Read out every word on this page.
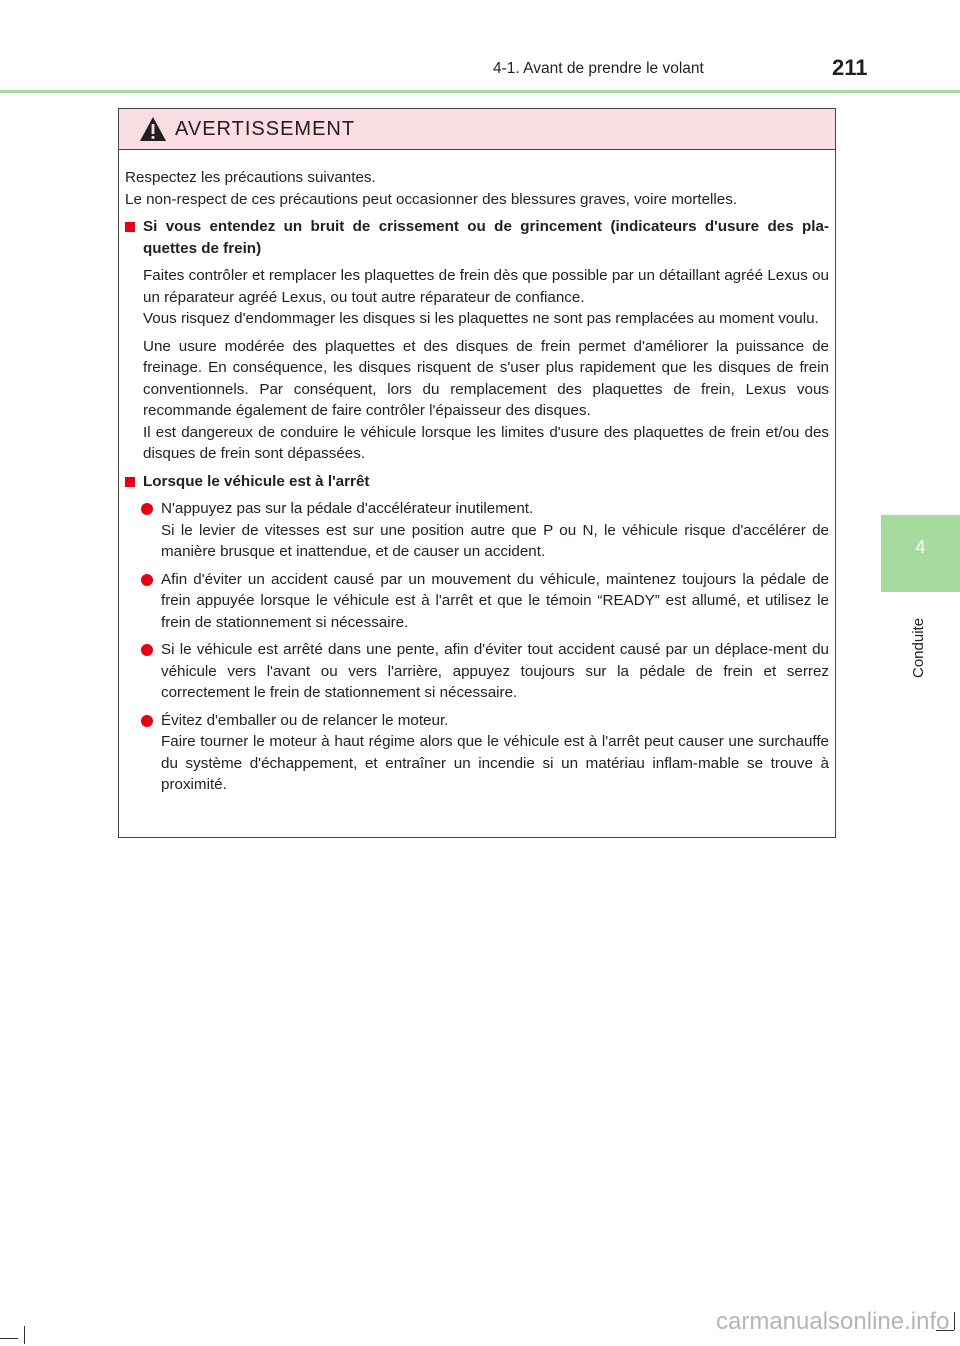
4-1. Avant de prendre le volant	211
4
Conduite
AVERTISSEMENT

Respectez les précautions suivantes.

Le non-respect de ces précautions peut occasionner des blessures graves, voire mortelles.

Si vous entendez un bruit de crissement ou de grincement (indicateurs d'usure des pla-quettes de frein)

Faites contrôler et remplacer les plaquettes de frein dès que possible par un détaillant agréé Lexus ou un réparateur agréé Lexus, ou tout autre réparateur de confiance.

Vous risquez d'endommager les disques si les plaquettes ne sont pas remplacées au moment voulu.

Une usure modérée des plaquettes et des disques de frein permet d'améliorer la puissance de freinage. En conséquence, les disques risquent de s'user plus rapidement que les disques de frein conventionnels. Par conséquent, lors du remplacement des plaquettes de frein, Lexus vous recommande également de faire contrôler l'épaisseur des disques.

Il est dangereux de conduire le véhicule lorsque les limites d'usure des plaquettes de frein et/ou des disques de frein sont dépassées.

Lorsque le véhicule est à l'arrêt

N'appuyez pas sur la pédale d'accélérateur inutilement.

Si le levier de vitesses est sur une position autre que P ou N, le véhicule risque d'accélérer de manière brusque et inattendue, et de causer un accident.

Afin d'éviter un accident causé par un mouvement du véhicule, maintenez toujours la pédale de frein appuyée lorsque le véhicule est à l'arrêt et que le témoin “READY” est allumé, et utilisez le frein de stationnement si nécessaire.

Si le véhicule est arrêté dans une pente, afin d'éviter tout accident causé par un déplace-ment du véhicule vers l'avant ou vers l'arrière, appuyez toujours sur la pédale de frein et serrez correctement le frein de stationnement si nécessaire.

Évitez d'emballer ou de relancer le moteur.

Faire tourner le moteur à haut régime alors que le véhicule est à l'arrêt peut causer une surchauffe du système d'échappement, et entraîner un incendie si un matériau inflam-mable se trouve à proximité.

carmanualsonline.info
